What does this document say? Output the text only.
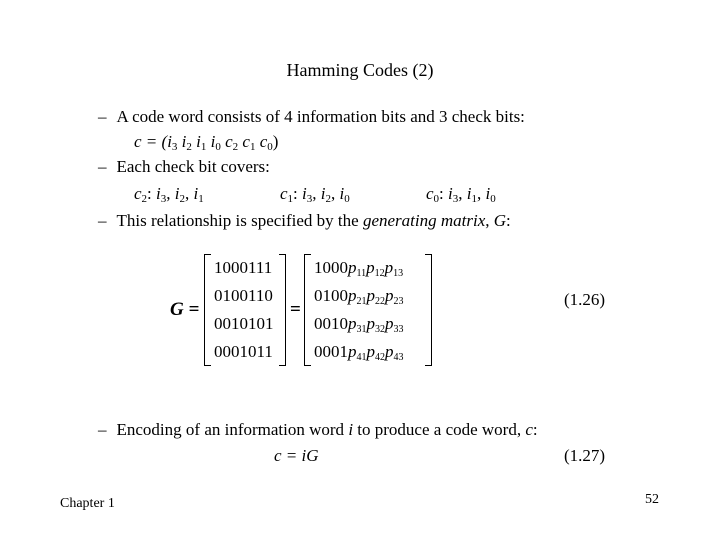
Hamming Codes (2)
– A code word consists of 4 information bits and 3 check bits:
$c = (i_3$ $i_2$ $i_1$ $i_0$ $c_2$ $c_1$ $c_0$)
– Each check bit covers:
$c_2$: $i_3$, $i_2$, $i_1$	$c_1$: $i_3$, $i_2$, $i_0$	$c_0$: $i_3$, $i_1$, $i_0$
– This relationship is specified by the generating matrix, G:
G =
1000111
0100110
0010101
0001011
=
$1000p_{11}p_{12}p_{13}$
$0100p_{21}p_{22}p_{23}$
$0010p_{31}p_{32}p_{33}$
$0001p_{41}p_{42}p_{43}$
(1.26)
– Encoding of an information word i to produce a code word, c:
c = iG	(1.27)
Chapter 1	52
